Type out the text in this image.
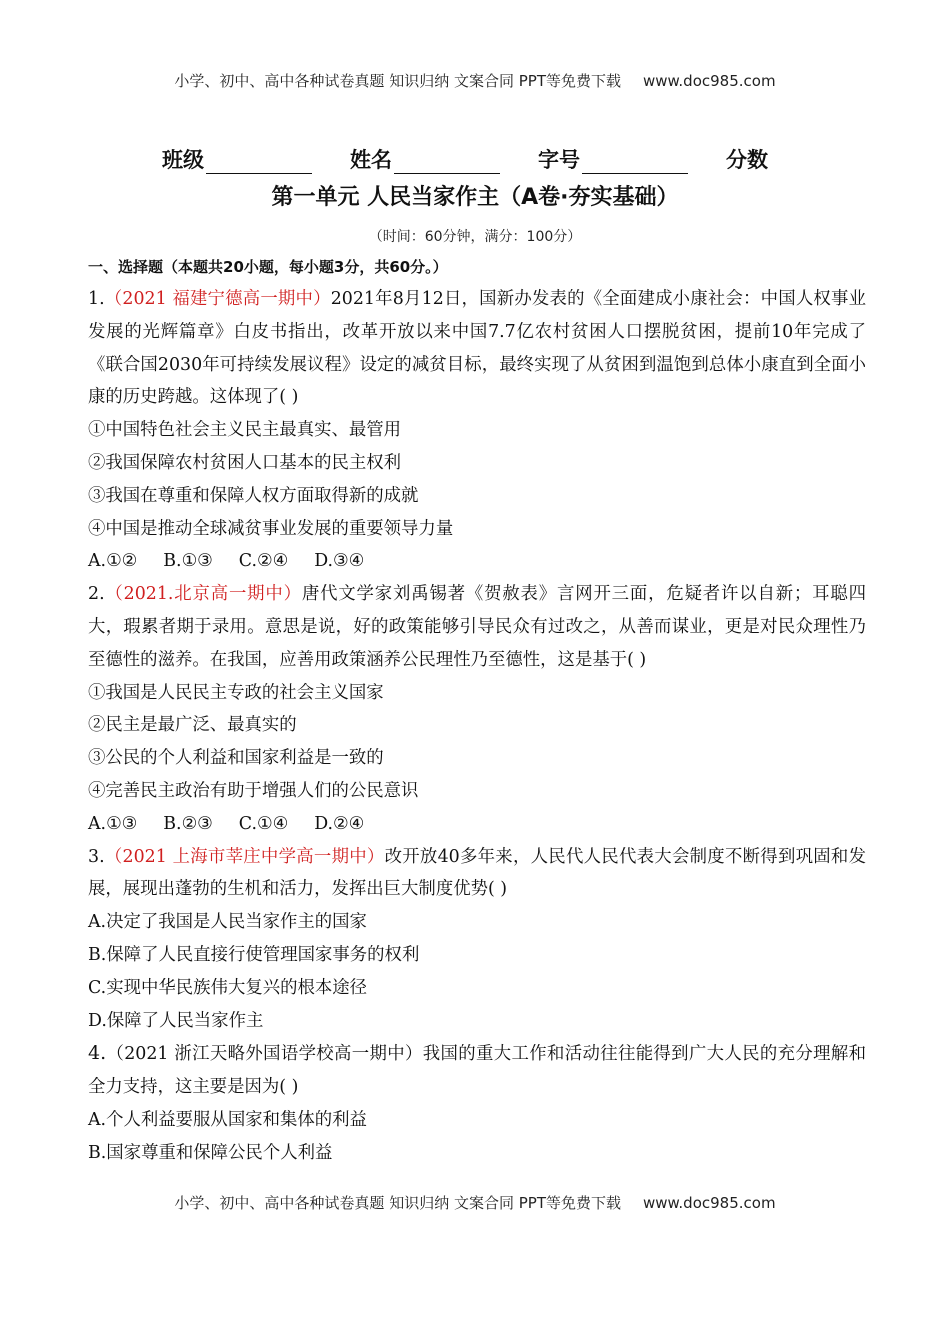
小学、初中、高中各种试卷真题 知识归纳 文案合同 PPT等免费下载 www.doc985.com
班级	姓名	字号	分数
第一单元 人民当家作主（A卷·夯实基础）
（时间：60分钟，满分：100分）
一、选择题（本题共20小题，每小题3分，共60分。）
1.（2021 福建宁德高一期中）2021年8月12日，国新办发表的《全面建成小康社会：中国人权事业发展的光辉篇章》白皮书指出，改革开放以来中国7.7亿农村贫困人口摆脱贫困，提前10年完成了《联合国2030年可持续发展议程》设定的减贫目标，最终实现了从贫困到温饱到总体小康直到全面小康的历史跨越。这体现了( )
①中国特色社会主义民主最真实、最管用
②我国保障农村贫困人口基本的民主权利
③我国在尊重和保障人权方面取得新的成就
④中国是推动全球减贫事业发展的重要领导力量
A.①② B.①③ C.②④ D.③④
2.（2021.北京高一期中）唐代文学家刘禹锡著《贺赦表》言网开三面，危疑者许以自新；耳聪四大，瑕累者期于录用。意思是说，好的政策能够引导民众有过改之，从善而谋业，更是对民众理性乃至德性的滋养。在我国，应善用政策涵养公民理性乃至德性，这是基于( )
①我国是人民民主专政的社会主义国家
②民主是最广泛、最真实的
③公民的个人利益和国家利益是一致的
④完善民主政治有助于增强人们的公民意识
A.①③ B.②③ C.①④ D.②④
3.（2021 上海市莘庄中学高一期中）改开放40多年来，人民代人民代表大会制度不断得到巩固和发展，展现出蓬勃的生机和活力，发挥出巨大制度优势( )
A.决定了我国是人民当家作主的国家
B.保障了人民直接行使管理国家事务的权利
C.实现中华民族伟大复兴的根本途径
D.保障了人民当家作主
4.（2021 浙江天略外国语学校高一期中）我国的重大工作和活动往往能得到广大人民的充分理解和全力支持，这主要是因为( )
A.个人利益要服从国家和集体的利益
B.国家尊重和保障公民个人利益
小学、初中、高中各种试卷真题 知识归纳 文案合同 PPT等免费下载 www.doc985.com
